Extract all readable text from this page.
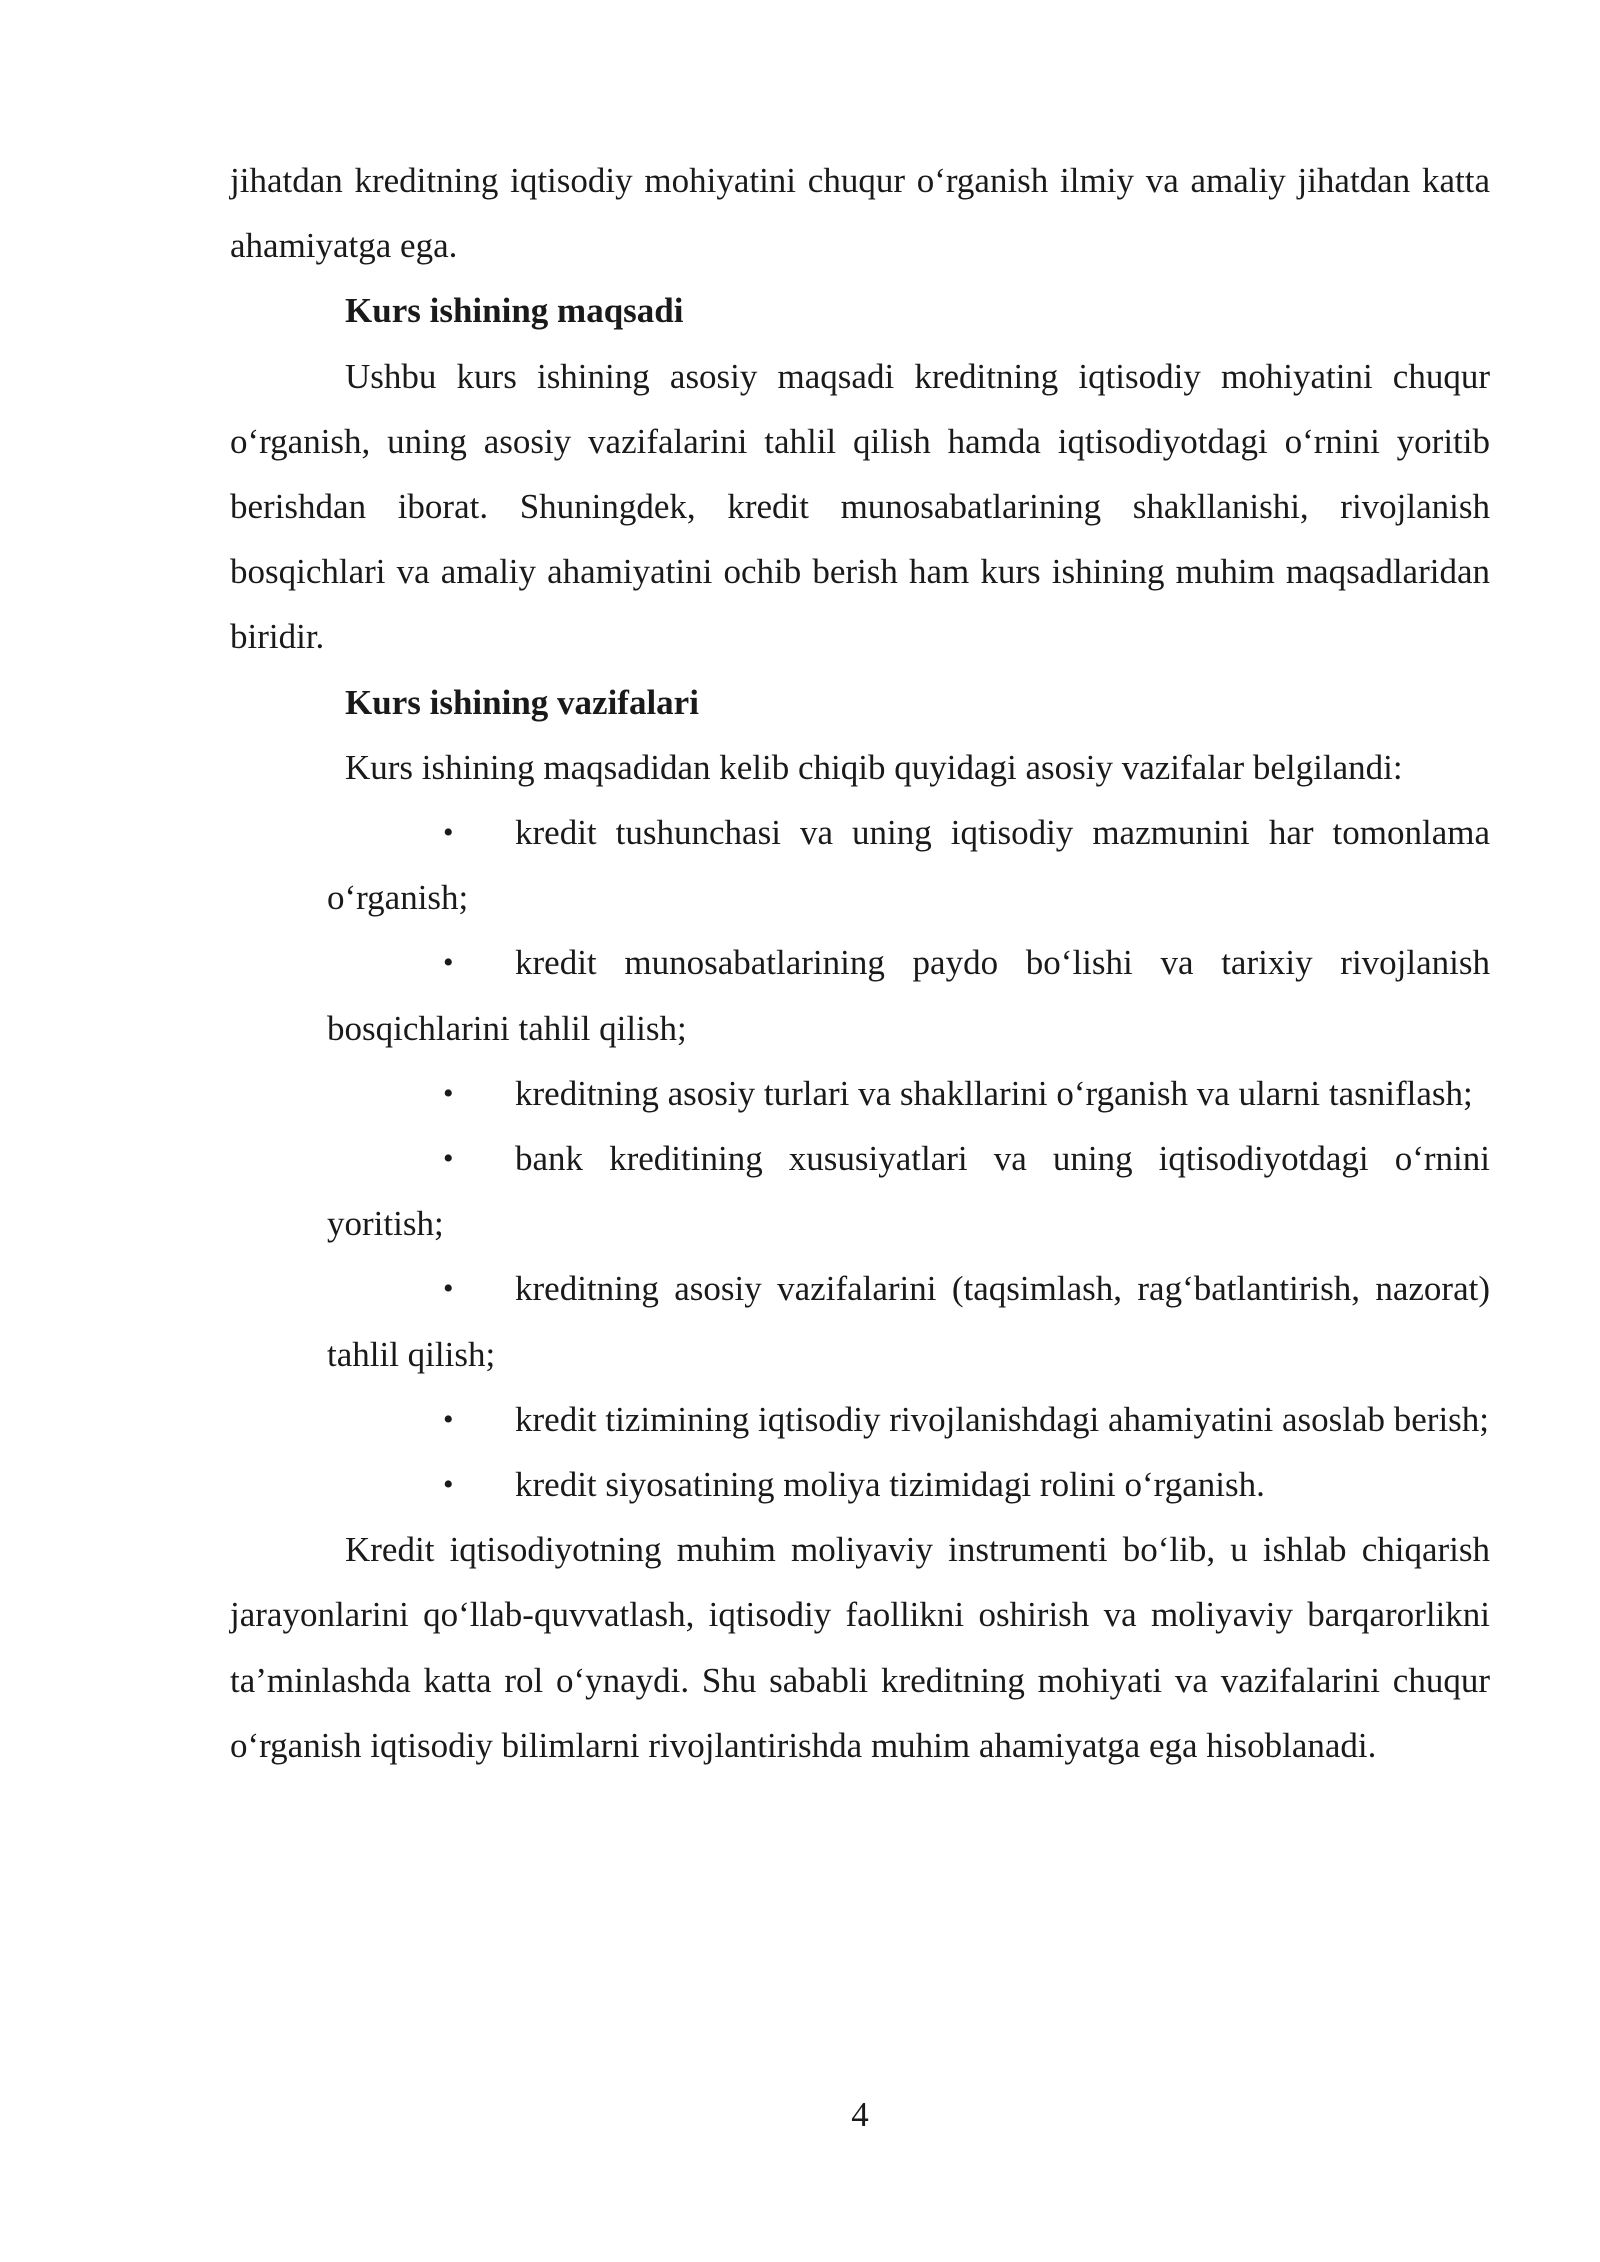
jihatdan kreditning iqtisodiy mohiyatini chuqur o‘rganish ilmiy va amaliy jihatdan katta ahamiyatga ega.

Kurs ishining maqsadi

Ushbu kurs ishining asosiy maqsadi kreditning iqtisodiy mohiyatini chuqur o‘rganish, uning asosiy vazifalarini tahlil qilish hamda iqtisodiyotdagi o‘rnini yoritib berishdan iborat. Shuningdek, kredit munosabatlarining shakllanishi, rivojlanish bosqichlari va amaliy ahamiyatini ochib berish ham kurs ishining muhim maqsadlaridan biridir.

Kurs ishining vazifalari

Kurs ishining maqsadidan kelib chiqib quyidagi asosiy vazifalar belgilandi:

• kredit tushunchasi va uning iqtisodiy mazmunini har tomonlama o‘rganish;
• kredit munosabatlarining paydo bo‘lishi va tarixiy rivojlanish bosqichlarini tahlil qilish;
• kreditning asosiy turlari va shakllarini o‘rganish va ularni tasniflash;
• bank kreditining xususiyatlari va uning iqtisodiyotdagi o‘rnini yoritish;
• kreditning asosiy vazifalarini (taqsimlash, rag‘batlantirish, nazorat) tahlil qilish;
• kredit tizimining iqtisodiy rivojlanishdagi ahamiyatini asoslab berish;
• kredit siyosatining moliya tizimidagi rolini o‘rganish.

Kredit iqtisodiyotning muhim moliyaviy instrumenti bo‘lib, u ishlab chiqarish jarayonlarini qo‘llab-quvvatlash, iqtisodiy faollikni oshirish va moliyaviy barqarorlikni ta’minlashda katta rol o‘ynaydi. Shu sababli kreditning mohiyati va vazifalarini chuqur o‘rganish iqtisodiy bilimlarni rivojlantirishda muhim ahamiyatga ega hisoblanadi.

4
